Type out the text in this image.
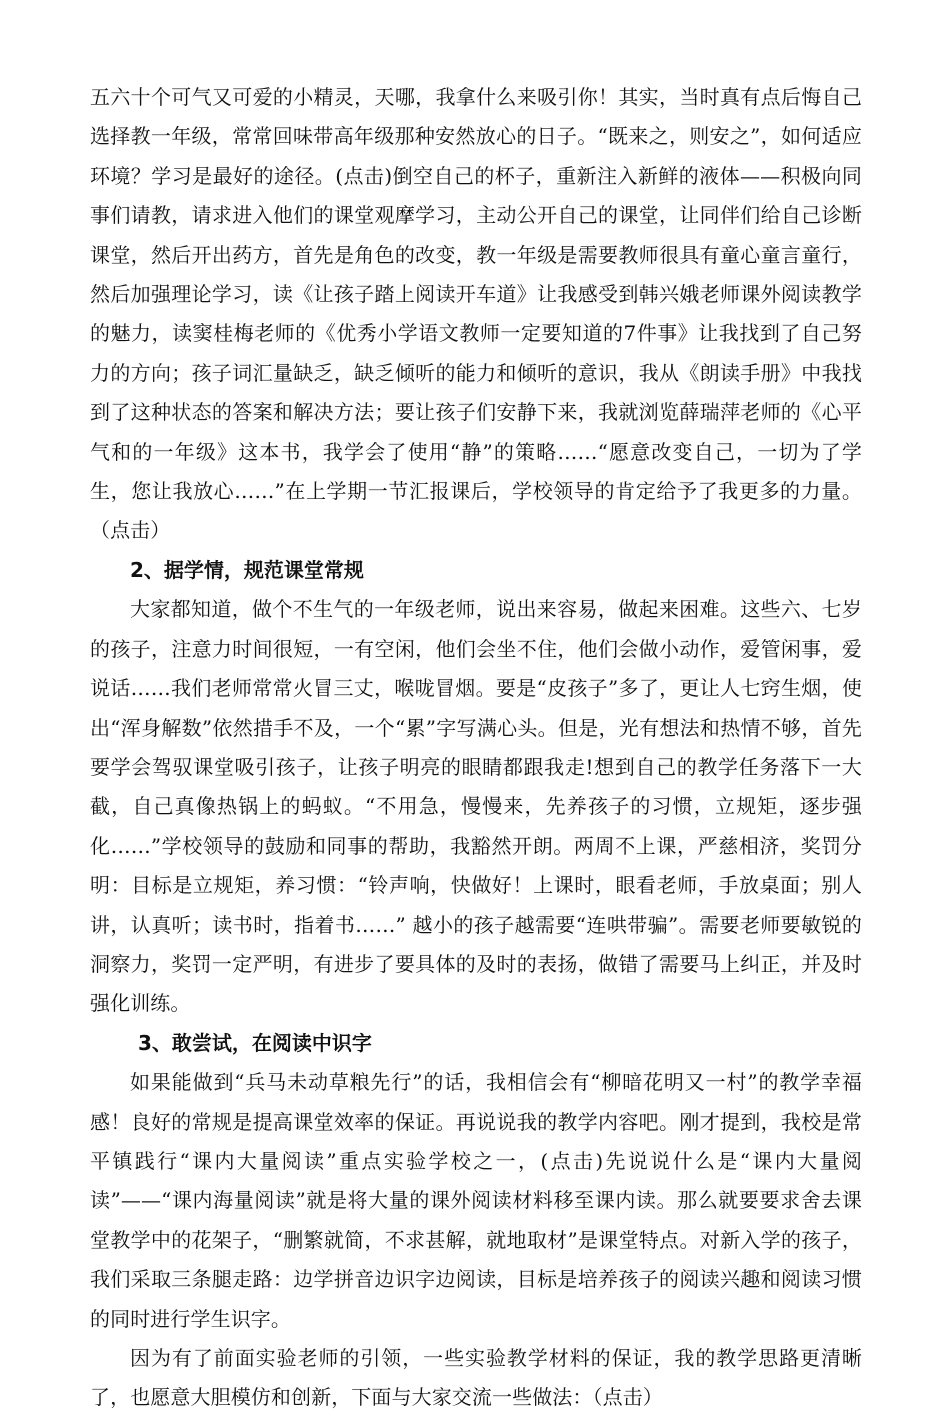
五六十个可气又可爱的小精灵，天哪，我拿什么来吸引你！其实，当时真有点后悔自己选择教一年级，常常回味带高年级那种安然放心的日子。“既来之，则安之”，如何适应环境？学习是最好的途径。(点击)倒空自己的杯子，重新注入新鲜的液体——积极向同事们请教，请求进入他们的课堂观摩学习，主动公开自己的课堂，让同伴们给自己诊断课堂，然后开出药方，首先是角色的改变，教一年级是需要教师很具有童心童言童行，然后加强理论学习，读《让孩子踏上阅读开车道》让我感受到韩兴娥老师课外阅读教学的魅力，读窦桂梅老师的《优秀小学语文教师一定要知道的7件事》让我找到了自己努力的方向；孩子词汇量缺乏，缺乏倾听的能力和倾听的意识，我从《朗读手册》中我找到了这种状态的答案和解决方法；要让孩子们安静下来，我就浏览薛瑞萍老师的《心平气和的一年级》这本书，我学会了使用“静”的策略……“愿意改变自己，一切为了学生，您让我放心……”在上学期一节汇报课后，学校领导的肯定给予了我更多的力量。（点击）

2、据学情，规范课堂常规

大家都知道，做个不生气的一年级老师，说出来容易，做起来困难。这些六、七岁的孩子，注意力时间很短，一有空闲，他们会坐不住，他们会做小动作，爱管闲事，爱说话……我们老师常常火冒三丈，喉咙冒烟。要是“皮孩子”多了，更让人七窍生烟，使出“浑身解数”依然措手不及，一个“累”字写满心头。但是，光有想法和热情不够，首先要学会驾驭课堂吸引孩子，让孩子明亮的眼睛都跟我走!想到自己的教学任务落下一大截，自己真像热锅上的蚂蚁。“不用急，慢慢来，先养孩子的习惯，立规矩，逐步强化……”学校领导的鼓励和同事的帮助，我豁然开朗。两周不上课，严慈相济，奖罚分明：目标是立规矩，养习惯：“铃声响，快做好！上课时，眼看老师，手放桌面；别人讲，认真听；读书时，指着书……” 越小的孩子越需要“连哄带骗”。需要老师要敏锐的洞察力，奖罚一定严明，有进步了要具体的及时的表扬，做错了需要马上纠正，并及时强化训练。

3、敢尝试，在阅读中识字

如果能做到“兵马未动草粮先行”的话，我相信会有“柳暗花明又一村”的教学幸福感！良好的常规是提高课堂效率的保证。再说说我的教学内容吧。刚才提到，我校是常平镇践行“课内大量阅读”重点实验学校之一，(点击)先说说什么是“课内大量阅读”——“课内海量阅读”就是将大量的课外阅读材料移至课内读。那么就要要求舍去课堂教学中的花架子，“删繁就简，不求甚解，就地取材”是课堂特点。对新入学的孩子，我们采取三条腿走路：边学拼音边识字边阅读，目标是培养孩子的阅读兴趣和阅读习惯的同时进行学生识字。

因为有了前面实验老师的引领，一些实验教学材料的保证，我的教学思路更清晰了，也愿意大胆模仿和创新，下面与大家交流一些做法：（点击）
